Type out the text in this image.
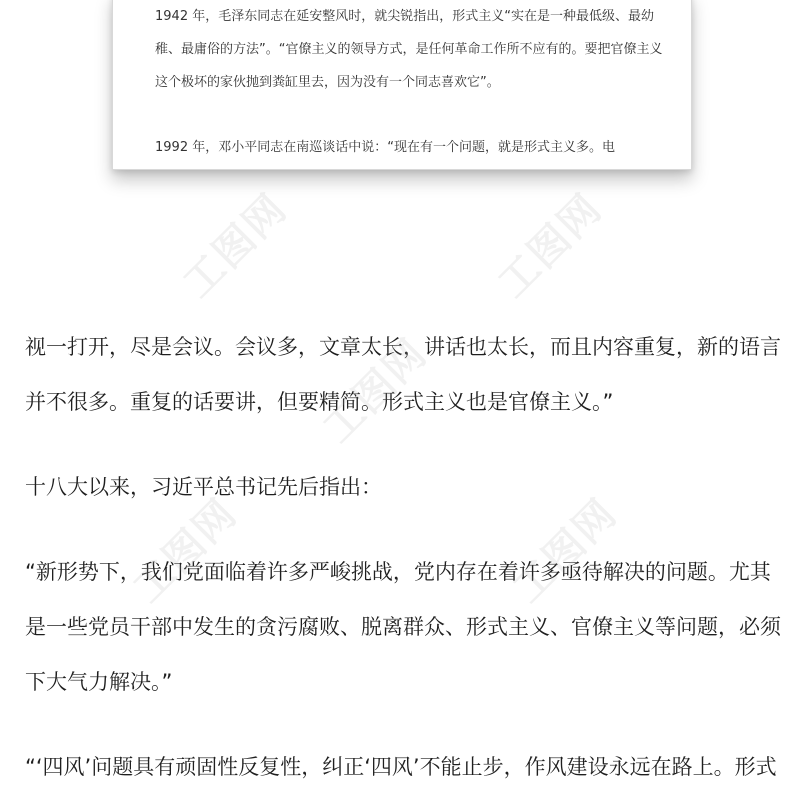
1942 年，毛泽东同志在延安整风时，就尖锐指出，形式主义“实在是一种最低级、最幼稚、最庸俗的方法”。“官僚主义的领导方式，是任何革命工作所不应有的。要把官僚主义这个极坏的家伙抛到粪缸里去，因为没有一个同志喜欢它”。

1992 年，邓小平同志在南巡谈话中说：“现在有一个问题，就是形式主义多。电

视一打开，尽是会议。会议多，文章太长，讲话也太长，而且内容重复，新的语言并不很多。重复的话要讲，但要精简。形式主义也是官僚主义。”

十八大以来，习近平总书记先后指出：

“新形势下，我们党面临着许多严峻挑战，党内存在着许多亟待解决的问题。尤其是一些党员干部中发生的贪污腐败、脱离群众、形式主义、官僚主义等问题，必须下大气力解决。”

“‘四风’问题具有顽固性反复性，纠正‘四风’不能止步，作风建设永远在路上。形式

工图网	工图网
工图网
工图网	工图网
